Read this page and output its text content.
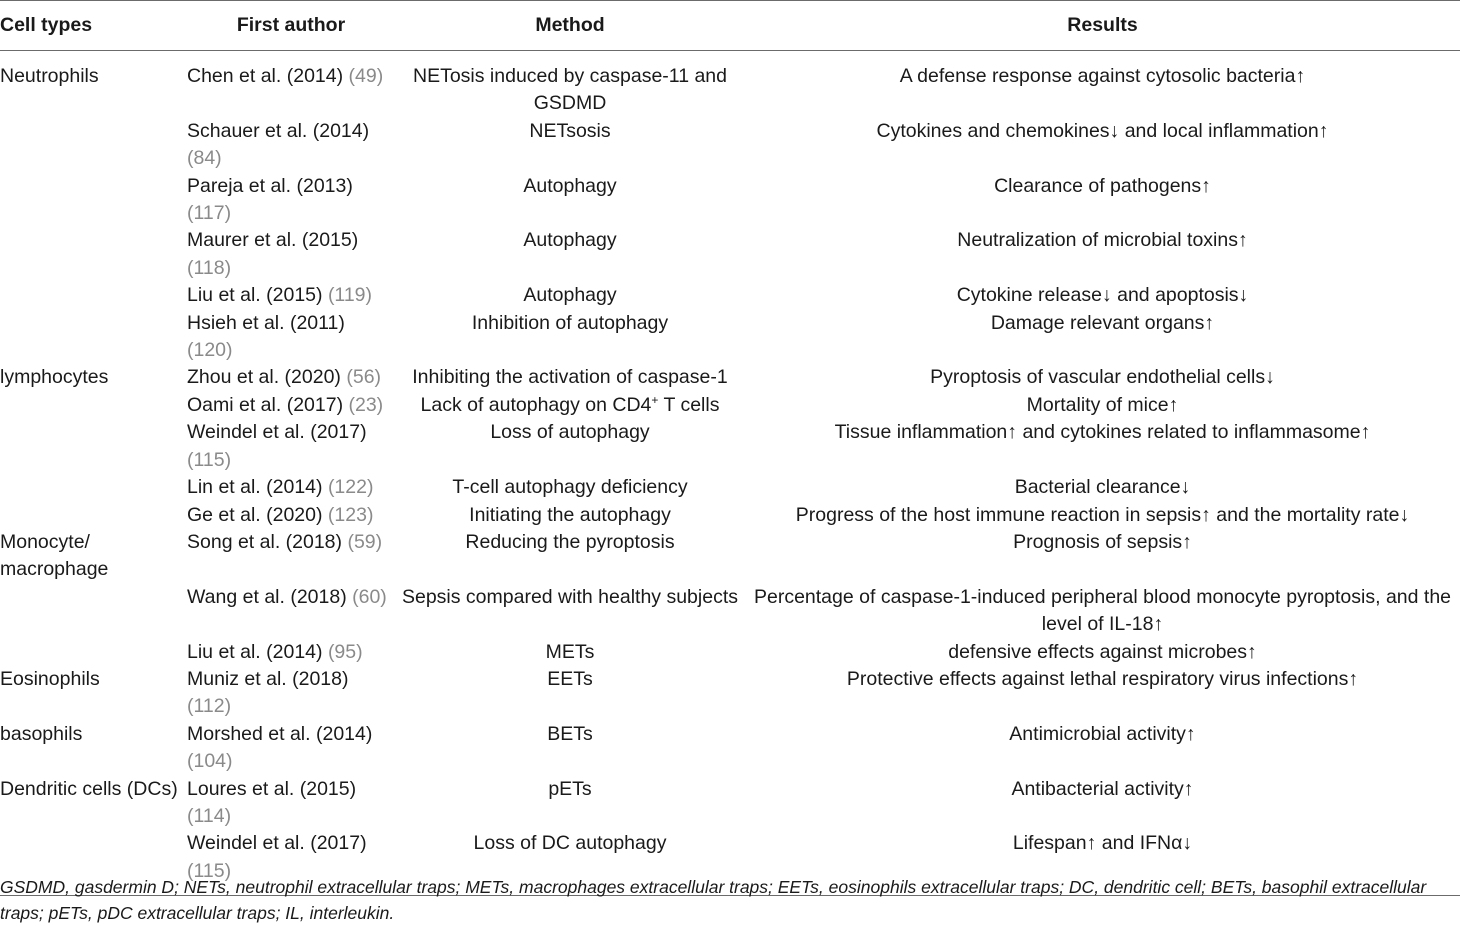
Cell types	First author	Method	Results
Neutrophils	Chen et al. (2014) (49)	NETosis induced by caspase-11 and GSDMD	A defense response against cytosolic bacteria↑
	Schauer et al. (2014) (84)	NETsosis	Cytokines and chemokines↓ and local inflammation↑
	Pareja et al. (2013) (117)	Autophagy	Clearance of pathogens↑
	Maurer et al. (2015) (118)	Autophagy	Neutralization of microbial toxins↑
	Liu et al. (2015) (119)	Autophagy	Cytokine release↓ and apoptosis↓
	Hsieh et al. (2011) (120)	Inhibition of autophagy	Damage relevant organs↑
lymphocytes	Zhou et al. (2020) (56)	Inhibiting the activation of caspase-1	Pyroptosis of vascular endothelial cells↓
	Oami et al. (2017) (23)	Lack of autophagy on CD4+ T cells	Mortality of mice↑
	Weindel et al. (2017) (115)	Loss of autophagy	Tissue inflammation↑ and cytokines related to inflammasome↑
	Lin et al. (2014) (122)	T-cell autophagy deficiency	Bacterial clearance↓
	Ge et al. (2020) (123)	Initiating the autophagy	Progress of the host immune reaction in sepsis↑ and the mortality rate↓
Monocyte/ macrophage	Song et al. (2018) (59)	Reducing the pyroptosis	Prognosis of sepsis↑
	Wang et al. (2018) (60)	Sepsis compared with healthy subjects	Percentage of caspase-1-induced peripheral blood monocyte pyroptosis, and the level of IL-18↑
	Liu et al. (2014) (95)	METs	defensive effects against microbes↑
Eosinophils	Muniz et al. (2018) (112)	EETs	Protective effects against lethal respiratory virus infections↑
basophils	Morshed et al. (2014) (104)	BETs	Antimicrobial activity↑
Dendritic cells (DCs)	Loures et al. (2015) (114)	pETs	Antibacterial activity↑
	Weindel et al. (2017) (115)	Loss of DC autophagy	Lifespan↑ and IFNα↓
GSDMD, gasdermin D; NETs, neutrophil extracellular traps; METs, macrophages extracellular traps; EETs, eosinophils extracellular traps; DC, dendritic cell; BETs, basophil extracellular traps; pETs, pDC extracellular traps; IL, interleukin.
